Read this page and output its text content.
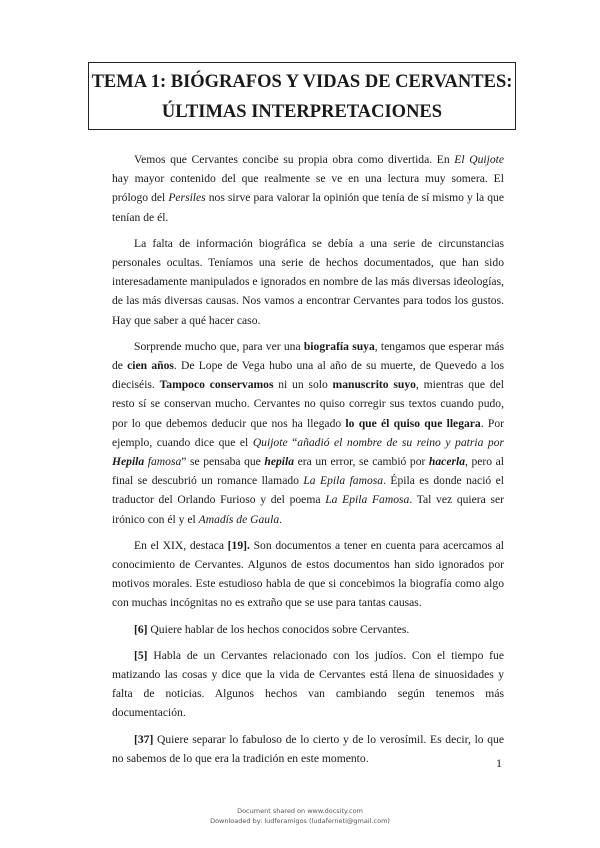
TEMA 1: BIÓGRAFOS Y VIDAS DE CERVANTES:
ÚLTIMAS INTERPRETACIONES

Vemos que Cervantes concibe su propia obra como divertida. En El Quijote hay mayor contenido del que realmente se ve en una lectura muy somera. El prólogo del Persiles nos sirve para valorar la opinión que tenía de sí mismo y la que tenían de él.

La falta de información biográfica se debía a una serie de circunstancias personales ocultas. Teníamos una serie de hechos documentados, que han sido interesadamente manipulados e ignorados en nombre de las más diversas ideologías, de las más diversas causas. Nos vamos a encontrar Cervantes para todos los gustos. Hay que saber a qué hacer caso.

Sorprende mucho que, para ver una biografía suya, tengamos que esperar más de cien años. De Lope de Vega hubo una al año de su muerte, de Quevedo a los dieciséis. Tampoco conservamos ni un solo manuscrito suyo, mientras que del resto sí se conservan mucho. Cervantes no quiso corregir sus textos cuando pudo, por lo que debemos deducir que nos ha llegado lo que él quiso que llegara. Por ejemplo, cuando dice que el Quijote “añadió el nombre de su reino y patria por Hepila famosa” se pensaba que hepila era un error, se cambió por hacerla, pero al final se descubrió un romance llamado La Epila famosa. Épila es donde nació el traductor del Orlando Furioso y del poema La Epila Famosa. Tal vez quiera ser irónico con él y el Amadís de Gaula.

En el XIX, destaca [19]. Son documentos a tener en cuenta para acercamos al conocimiento de Cervantes. Algunos de estos documentos han sido ignorados por motivos morales. Este estudioso habla de que si concebimos la biografía como algo con muchas incógnitas no es extraño que se use para tantas causas.

[6] Quiere hablar de los hechos conocidos sobre Cervantes.

[5] Habla de un Cervantes relacionado con los judíos. Con el tiempo fue matizando las cosas y dice que la vida de Cervantes está llena de sinuosidades y falta de noticias. Algunos hechos van cambiando según tenemos más documentación.

[37] Quiere separar lo fabuloso de lo cierto y de lo verosímil. Es decir, lo que no sabemos de lo que era la tradición en este momento.	1
Document shared on www.docsity.com
Downloaded by: ludferamigos (ludaferneti@gmail.com)
